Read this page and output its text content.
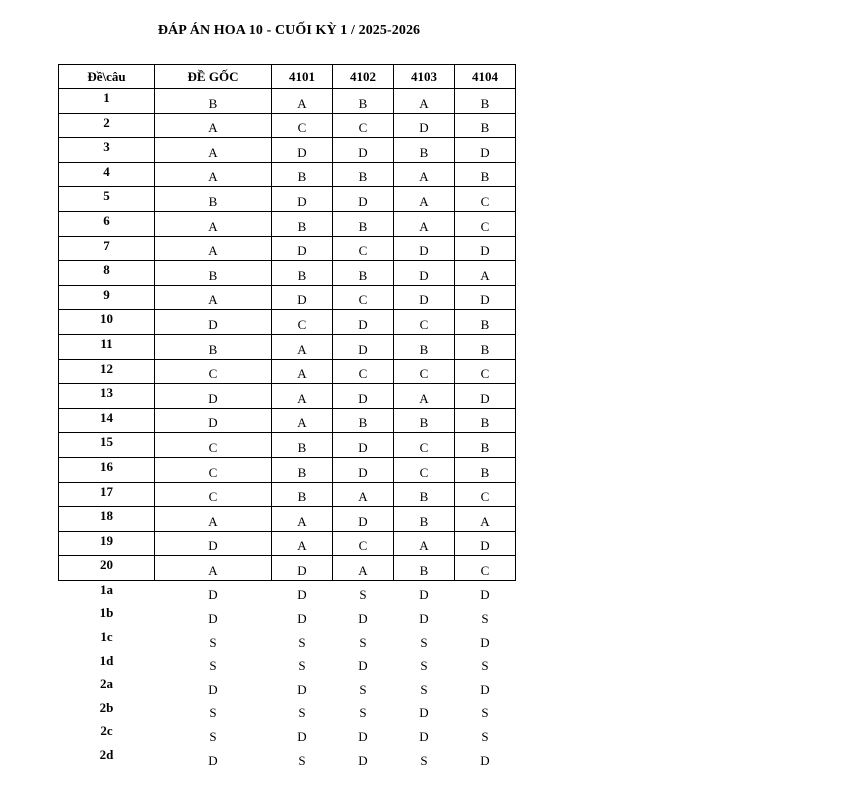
ĐÁP ÁN HOA 10 - CUỐI KỲ 1 / 2025-2026
Đề\câu	ĐỀ GỐC	4101	4102	4103	4104
1	B	A	B	A	B
2	A	C	C	D	B
3	A	D	D	B	D
4	A	B	B	A	B
5	B	D	D	A	C
6	A	B	B	A	C
7	A	D	C	D	D
8	B	B	B	D	A
9	A	D	C	D	D
10	D	C	D	C	B
11	B	A	D	B	B
12	C	A	C	C	C
13	D	A	D	A	D
14	D	A	B	B	B
15	C	B	D	C	B
16	C	B	D	C	B
17	C	B	A	B	C
18	A	A	D	B	A
19	D	A	C	A	D
20	A	D	A	B	C
1a	D	D	S	D	D
1b	D	D	D	D	S
1c	S	S	S	S	D
1d	S	S	D	S	S
2a	D	D	S	S	D
2b	S	S	S	D	S
2c	S	D	D	D	S
2d	D	S	D	S	D
